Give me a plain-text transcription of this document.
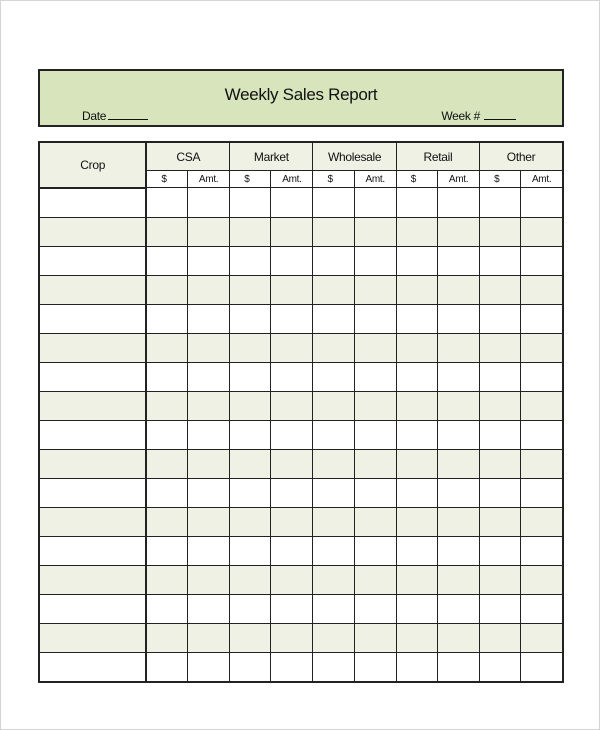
Weekly Sales Report
Date	Week #
Crop	CSA		Market		Wholesale		Retail		Other	
	$	Amt.	$	Amt.	$	Amt.	$	Amt.	$	Amt.
